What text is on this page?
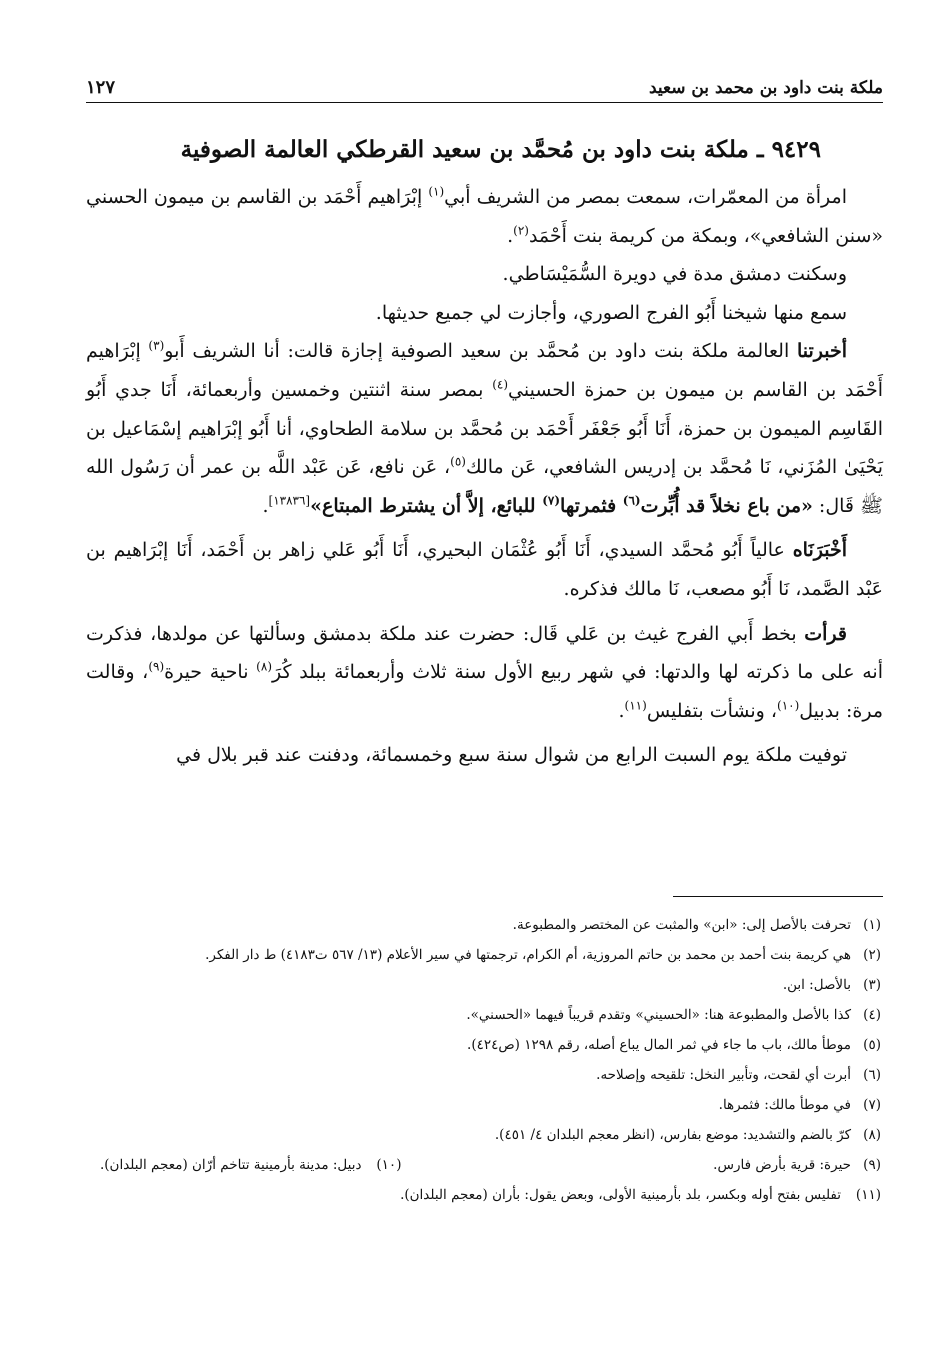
ملكة بنت داود بن محمد بن سعيد
١٢٧
٩٤٢٩ ـ ملكة بنت داود بن مُحمَّد بن سعيد القرطكي العالمة الصوفية

امرأة من المعمّرات، سمعت بمصر من الشريف أبي$^{(١)}$ إبْرَاهيم أَحْمَد بن القاسم بن ميمون الحسني «سنن الشافعي»، وبمكة من كريمة بنت أَحْمَد$^{(٢)}$.

وسكنت دمشق مدة في دويرة السُّمَيْسَاطي.

سمع منها شيخنا أَبُو الفرج الصوري، وأجازت لي جميع حديثها.

أخبرتنا العالمة ملكة بنت داود بن مُحمَّد بن سعيد الصوفية إجازة قالت: أنا الشريف أَبو$^{(٣)}$ إبْرَاهيم أَحْمَد بن القاسم بن ميمون بن حمزة الحسيني$^{(٤)}$ بمصر سنة اثنتين وخمسين وأربعمائة، أَنَا جدي أَبُو القَاسِم الميمون بن حمزة، أَنَا أَبُو جَعْفَر أَحْمَد بن مُحمَّد بن سلامة الطحاوي، أنا أَبُو إبْرَاهيم إسْمَاعيل بن يَحْيَىٰ المُزَني، نَا مُحمَّد بن إدريس الشافعي، عَن مالك$^{(٥)}$، عَن نافع، عَن عَبْد اللَّه بن عمر أن رَسُول الله ﷺ قَال: «من باع نخلاً قد أُبِّرت$^{(٦)}$ فثمرتها$^{(٧)}$ للبائع، إلاَّ أن يشترط المبتاع»[١٣٨٣٦].

أَخْبَرَنَاه عالياً أَبُو مُحمَّد السيدي، أَنَا أَبُو عُثْمَان البحيري، أَنَا أَبُو عَلي زاهر بن أَحْمَد، أَنَا إبْرَاهيم بن عَبْد الصَّمد، نَا أَبُو مصعب، نَا مالك فذكره.

قرأت بخط أَبي الفرج غيث بن عَلي قَال: حضرت عند ملكة بدمشق وسألتها عن مولدها، فذكرت أنه على ما ذكرته لها والدتها: في شهر ربيع الأول سنة ثلاث وأربعمائة ببلد كُرَ$^{(٨)}$ ناحية حيرة$^{(٩)}$، وقالت مرة: بدبيل$^{(١٠)}$، ونشأت بتفليس$^{(١١)}$.

توفيت ملكة يوم السبت الرابع من شوال سنة سبع وخمسمائة، ودفنت عند قبر بلال في

(١)
تحرفت بالأصل إلى: «ابن» والمثبت عن المختصر والمطبوعة.
(٢)
هي كريمة بنت أحمد بن محمد بن حاتم المروزية، أم الكرام، ترجمتها في سير الأعلام (١٣/ ٥٦٧ ت٤١٨٣) ط دار الفكر.
(٣)
بالأصل: ابن.
(٤)
كذا بالأصل والمطبوعة هنا: «الحسيني» وتقدم قريباً فيهما «الحسني».
(٥)
موطأ مالك، باب ما جاء في ثمر المال يباع أصله، رقم ١٢٩٨ (ص٤٢٤).
(٦)
أبرت أي لقحت، وتأبير النخل: تلقيحه وإصلاحه.
(٧)
في موطأ مالك: فثمرها.
(٨)
كرّ بالضم والتشديد: موضع بفارس، (انظر معجم البلدان ٤/ ٤٥١).
(٩)
حيرة: قرية بأرض فارس.
(١٠)
دبيل: مدينة بأرمينية تتاخم أرّان (معجم البلدان).
(١١)
تفليس بفتح أوله وبكسر، بلد بأرمينية الأولى، وبعض يقول: بأران (معجم البلدان).
